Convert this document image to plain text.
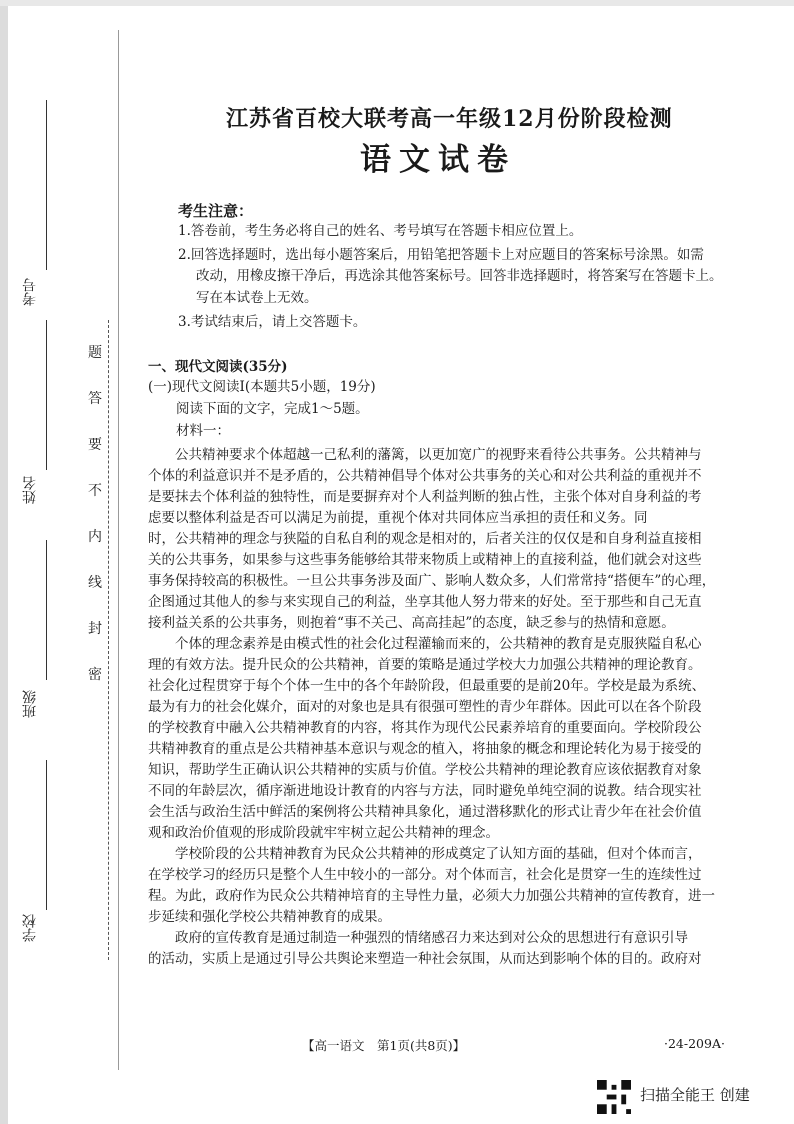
考号
姓名
班级
学校
题
答
要
不
内
线
封
密
江苏省百校大联考高一年级12月份阶段检测
语文试卷
考生注意：
1.答卷前，考生务必将自己的姓名、考号填写在答题卡相应位置上。
2.回答选择题时，选出每小题答案后，用铅笔把答题卡上对应题目的答案标号涂黑。如需
改动，用橡皮擦干净后，再选涂其他答案标号。回答非选择题时，将答案写在答题卡上。
写在本试卷上无效。
3.考试结束后，请上交答题卡。
一、现代文阅读(35分)
(一)现代文阅读Ⅰ(本题共5小题，19分)
阅读下面的文字，完成1～5题。
材料一：
　　公共精神要求个体超越一己私利的藩篱，以更加宽广的视野来看待公共事务。公共精神与
个体的利益意识并不是矛盾的，公共精神倡导个体对公共事务的关心和对公共利益的重视并不
是要抹去个体利益的独特性，而是要摒弃对个人利益判断的独占性，主张个体对自身利益的考
虑要以整体利益是否可以满足为前提，重视个体对共同体应当承担的责任和义务。同
时，公共精神的理念与狭隘的自私自利的观念是相对的，后者关注的仅仅是和自身利益直接相
关的公共事务，如果参与这些事务能够给其带来物质上或精神上的直接利益，他们就会对这些
事务保持较高的积极性。一旦公共事务涉及面广、影响人数众多，人们常常持“搭便车”的心理，
企图通过其他人的参与来实现自己的利益，坐享其他人努力带来的好处。至于那些和自己无直
接利益关系的公共事务，则抱着“事不关己、高高挂起”的态度，缺乏参与的热情和意愿。
　　个体的理念素养是由模式性的社会化过程灌输而来的，公共精神的教育是克服狭隘自私心
理的有效方法。提升民众的公共精神，首要的策略是通过学校大力加强公共精神的理论教育。
社会化过程贯穿于每个个体一生中的各个年龄阶段，但最重要的是前20年。学校是最为系统、
最为有力的社会化媒介，面对的对象也是具有很强可塑性的青少年群体。因此可以在各个阶段
的学校教育中融入公共精神教育的内容，将其作为现代公民素养培育的重要面向。学校阶段公
共精神教育的重点是公共精神基本意识与观念的植入，将抽象的概念和理论转化为易于接受的
知识，帮助学生正确认识公共精神的实质与价值。学校公共精神的理论教育应该依据教育对象
不同的年龄层次，循序渐进地设计教育的内容与方法，同时避免单纯空洞的说教。结合现实社
会生活与政治生活中鲜活的案例将公共精神具象化，通过潜移默化的形式让青少年在社会价值
观和政治价值观的形成阶段就牢牢树立起公共精神的理念。
　　学校阶段的公共精神教育为民众公共精神的形成奠定了认知方面的基础，但对个体而言，
在学校学习的经历只是整个人生中较小的一部分。对个体而言，社会化是贯穿一生的连续性过
程。为此，政府作为民众公共精神培育的主导性力量，必须大力加强公共精神的宣传教育，进一
步延续和强化学校公共精神教育的成果。
　　政府的宣传教育是通过制造一种强烈的情绪感召力来达到对公众的思想进行有意识引导
的活动，实质上是通过引导公共舆论来塑造一种社会氛围，从而达到影响个体的目的。政府对
【高一语文　第1页(共8页)】	·24-209A·
扫描全能王 创建
